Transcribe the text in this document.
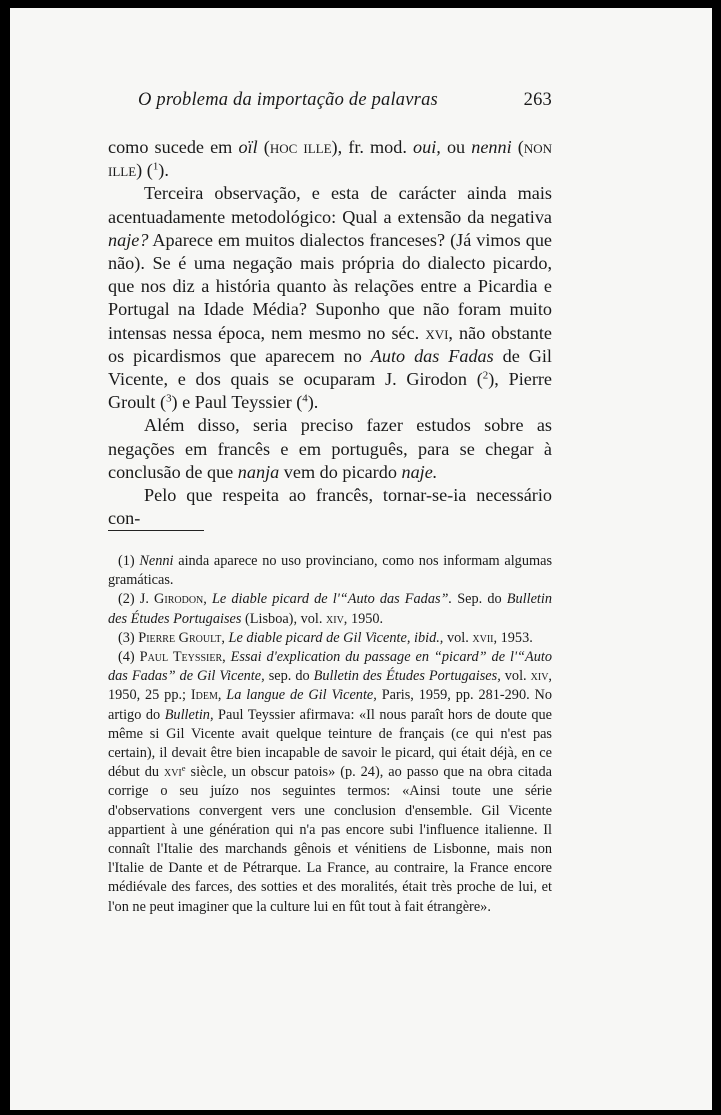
O problema da importação de palavras	263

como sucede em oïl (hoc ille), fr. mod. oui, ou nenni (non ille) ($^1$).

Terceira observação, e esta de carácter ainda mais acentuadamente metodológico: Qual a extensão da negativa naje? Aparece em muitos dialectos franceses? (Já vimos que não). Se é uma negação mais própria do dialecto picardo, que nos diz a história quanto às relações entre a Picardia e Portugal na Idade Média? Suponho que não foram muito intensas nessa época, nem mesmo no séc. xvi, não obstante os picardismos que aparecem no Auto das Fadas de Gil Vicente, e dos quais se ocuparam J. Girodon ($^2$), Pierre Groult ($^3$) e Paul Teyssier ($^4$).

Além disso, seria preciso fazer estudos sobre as negações em francês e em português, para se chegar à conclusão de que nanja vem do picardo naje.

Pelo que respeita ao francês, tornar-se-ia necessário con-

(1) Nenni ainda aparece no uso provinciano, como nos informam algumas gramáticas.

(2) J. Girodon, Le diable picard de l'“Auto das Fadas”. Sep. do Bulletin des Études Portugaises (Lisboa), vol. xiv, 1950.

(3) Pierre Groult, Le diable picard de Gil Vicente, ibid., vol. xvii, 1953.

(4) Paul Teyssier, Essai d'explication du passage en “picard” de l'“Auto das Fadas” de Gil Vicente, sep. do Bulletin des Études Portugaises, vol. xiv, 1950, 25 pp.; Idem, La langue de Gil Vicente, Paris, 1959, pp. 281-290. No artigo do Bulletin, Paul Teyssier afirmava: «Il nous paraît hors de doute que même si Gil Vicente avait quelque teinture de français (ce qui n'est pas certain), il devait être bien incapable de savoir le picard, qui était déjà, en ce début du xvi$^e$ siècle, un obscur patois» (p. 24), ao passo que na obra citada corrige o seu juízo nos seguintes termos: «Ainsi toute une série d'observations convergent vers une conclusion d'ensemble. Gil Vicente appartient à une génération qui n'a pas encore subi l'influence italienne. Il connaît l'Italie des marchands gênois et vénitiens de Lisbonne, mais non l'Italie de Dante et de Pétrarque. La France, au contraire, la France encore médiévale des farces, des sotties et des moralités, était très proche de lui, et l'on ne peut imaginer que la culture lui en fût tout à fait étrangère».
